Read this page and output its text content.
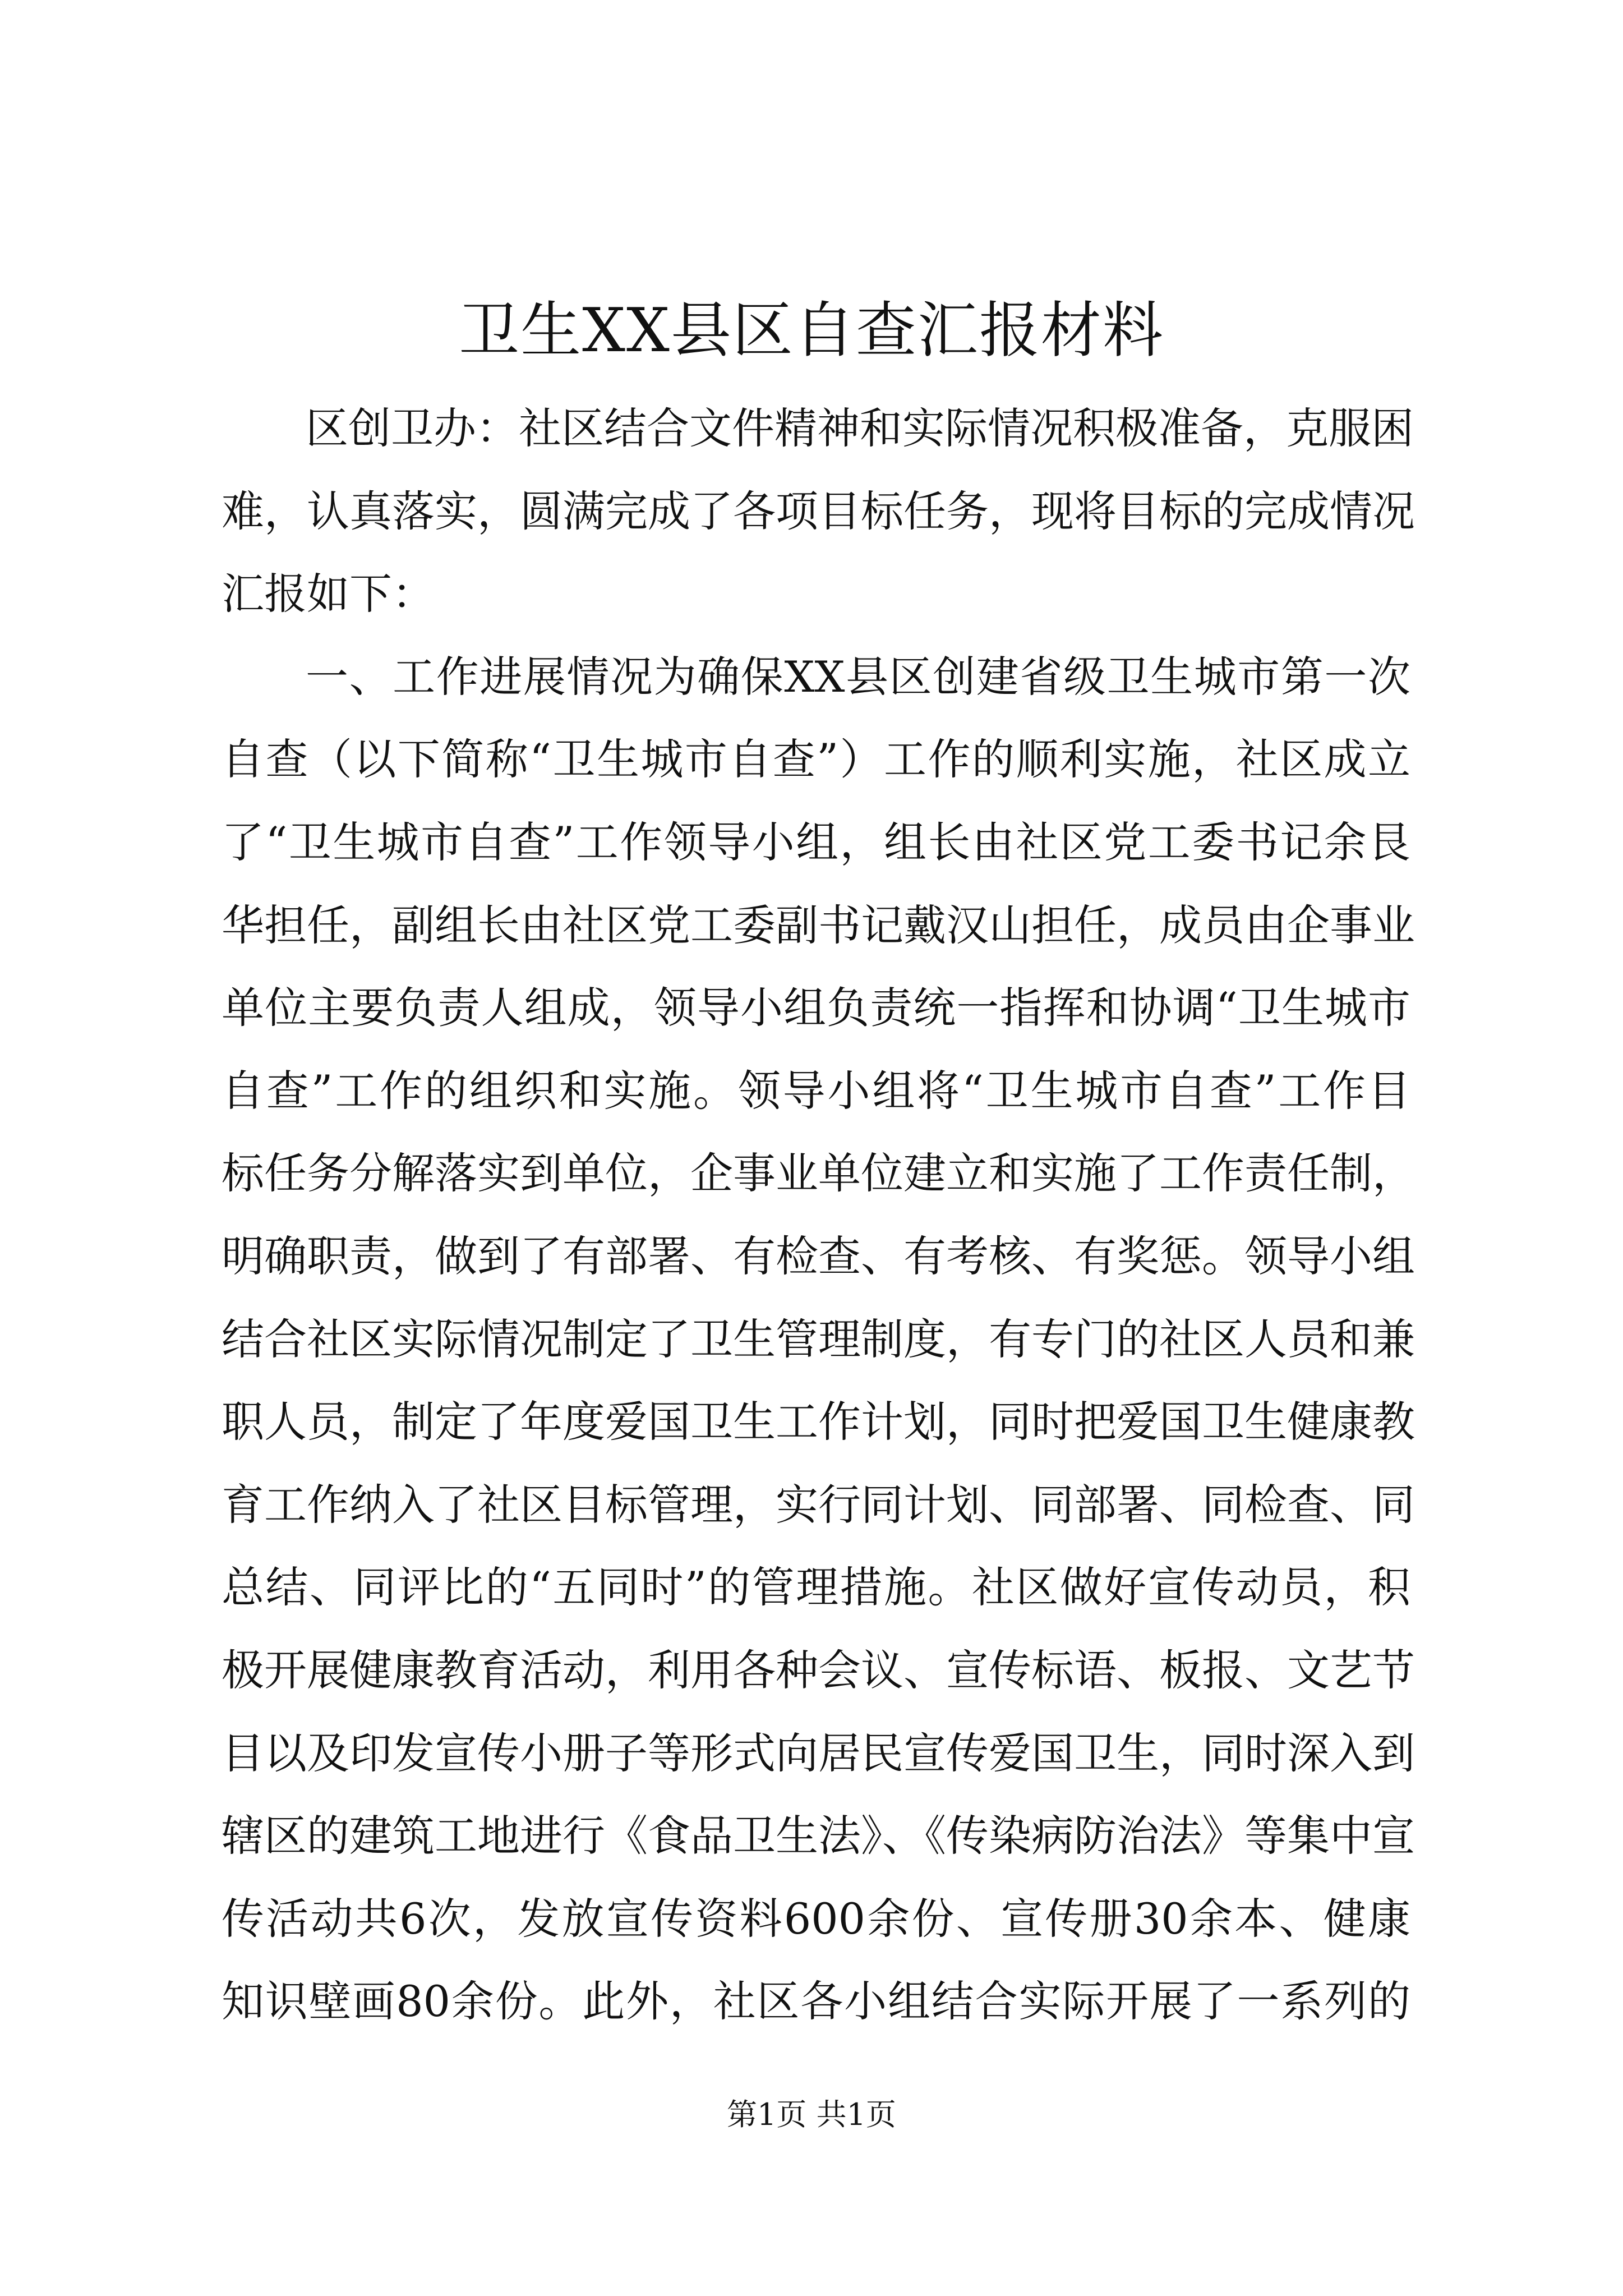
卫生XX县区自查汇报材料
区创卫办：社区结合文件精神和实际情况积极准备，克服困
难，认真落实，圆满完成了各项目标任务，现将目标的完成情况
汇报如下：
一、工作进展情况为确保XX县区创建省级卫生城市第一次
自查（以下简称“卫生城市自查”）工作的顺利实施，社区成立
了“卫生城市自查”工作领导小组，组长由社区党工委书记余艮
华担任，副组长由社区党工委副书记戴汉山担任，成员由企事业
单位主要负责人组成，领导小组负责统一指挥和协调“卫生城市
自查”工作的组织和实施。领导小组将“卫生城市自查”工作目
标任务分解落实到单位，企事业单位建立和实施了工作责任制，
明确职责，做到了有部署、有检查、有考核、有奖惩。领导小组
结合社区实际情况制定了卫生管理制度，有专门的社区人员和兼
职人员，制定了年度爱国卫生工作计划，同时把爱国卫生健康教
育工作纳入了社区目标管理，实行同计划、同部署、同检查、同
总结、同评比的“五同时”的管理措施。社区做好宣传动员，积
极开展健康教育活动，利用各种会议、宣传标语、板报、文艺节
目以及印发宣传小册子等形式向居民宣传爱国卫生，同时深入到
辖区的建筑工地进行《食品卫生法》、《传染病防治法》等集中宣
传活动共6次，发放宣传资料600余份、宣传册30余本、健康
知识壁画80余份。此外，社区各小组结合实际开展了一系列的
第1页 共1页
